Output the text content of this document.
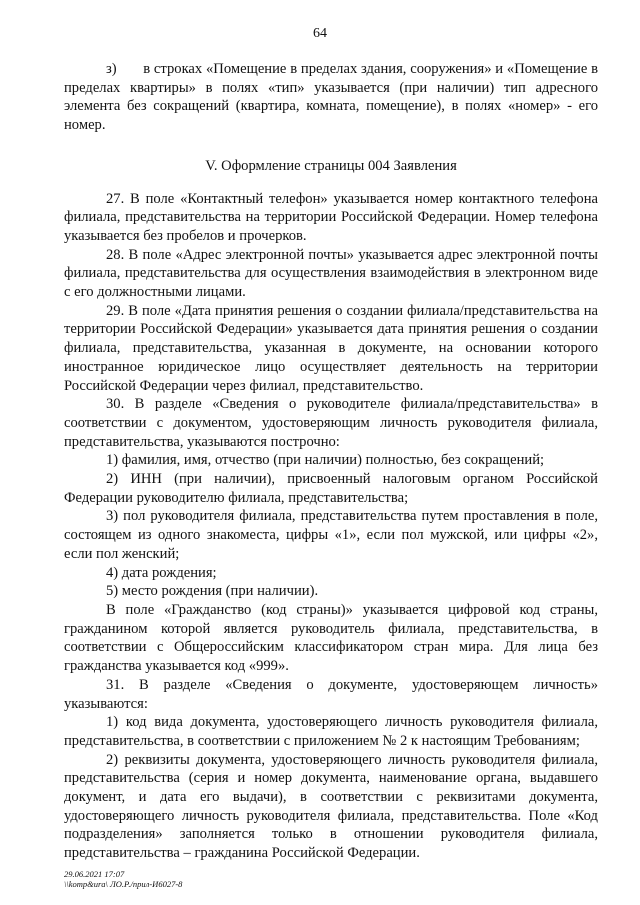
64

з)       в строках «Помещение в пределах здания, сооружения» и «Помещение в пределах квартиры» в полях «тип» указывается (при наличии) тип адресного элемента без сокращений (квартира, комната, помещение), в полях «номер» - его номер.

V. Оформление страницы 004 Заявления

27. В поле «Контактный телефон» указывается номер контактного телефона филиала, представительства на территории Российской Федерации. Номер телефона указывается без пробелов и прочерков.

28. В поле «Адрес электронной почты» указывается адрес электронной почты филиала, представительства для осуществления взаимодействия в электронном виде с его должностными лицами.

29. В поле «Дата принятия решения о создании филиала/представительства на территории Российской Федерации» указывается дата принятия решения о создании филиала, представительства, указанная в документе, на основании которого иностранное юридическое лицо осуществляет деятельность на территории Российской Федерации через филиал, представительство.

30. В разделе «Сведения о руководителе филиала/представительства» в соответствии с документом, удостоверяющим личность руководителя филиала, представительства, указываются построчно:

1) фамилия, имя, отчество (при наличии) полностью, без сокращений;

2) ИНН (при наличии), присвоенный налоговым органом Российской Федерации руководителю филиала, представительства;

3) пол руководителя филиала, представительства путем проставления в поле, состоящем из одного знакоместа, цифры «1», если пол мужской, или цифры «2», если пол женский;

4) дата рождения;

5) место рождения (при наличии).

В поле «Гражданство (код страны)» указывается цифровой код страны, гражданином которой является руководитель филиала, представительства, в соответствии с Общероссийским классификатором стран мира. Для лица без гражданства указывается код «999».

31. В разделе «Сведения о документе, удостоверяющем личность» указываются:

1) код вида документа, удостоверяющего личность руководителя филиала, представительства, в соответствии с приложением № 2 к настоящим Требованиям;

2) реквизиты документа, удостоверяющего личность руководителя филиала, представительства (серия и номер документа, наименование органа, выдавшего документ, и дата его выдачи), в соответствии с реквизитами документа, удостоверяющего личность руководителя филиала, представительства. Поле «Код подразделения» заполняется только в отношении руководителя филиала, представительства – гражданина Российской Федерации.

29.06.2021 17:07
\\komp&ura\ ЛО.Р./прил-И6027-8
